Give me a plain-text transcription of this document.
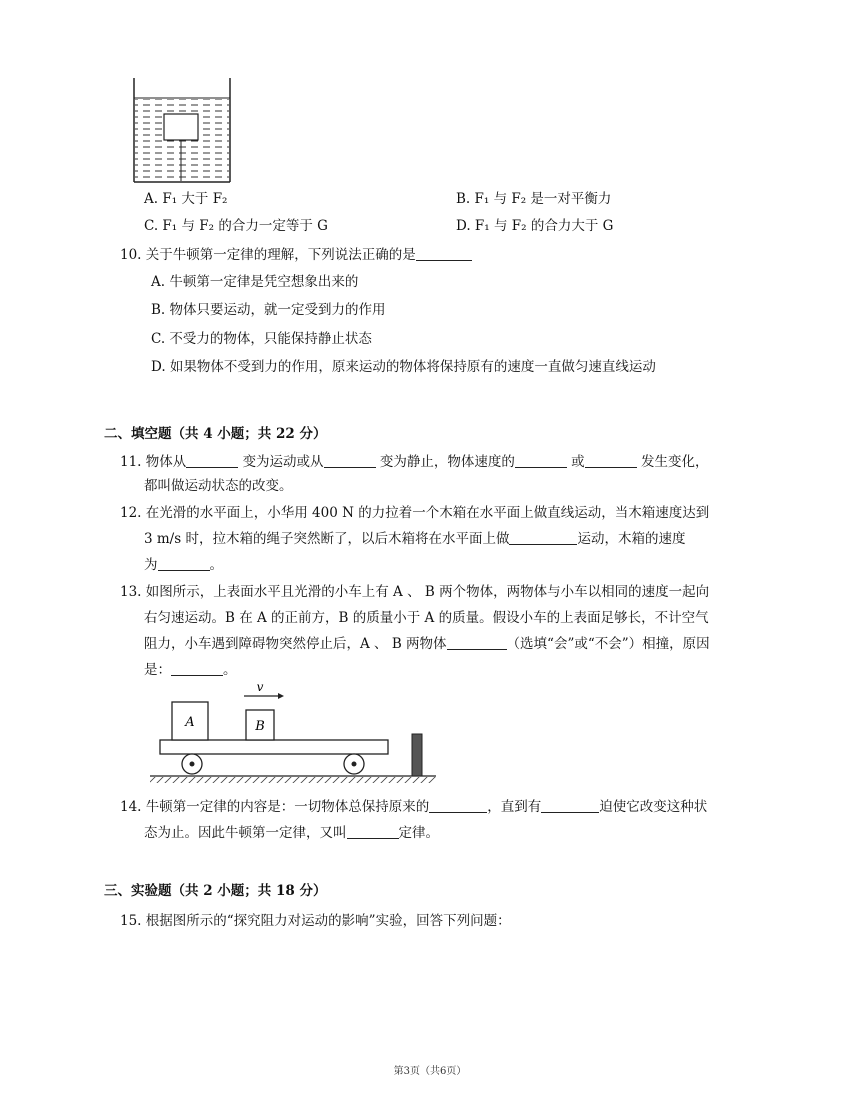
A. F₁ 大于 F₂	B. F₁ 与 F₂ 是一对平衡力
C. F₁ 与 F₂ 的合力一定等于 G	D. F₁ 与 F₂ 的合力大于 G
10. 关于牛顿第一定律的理解，下列说法正确的是
A. 牛顿第一定律是凭空想象出来的
B. 物体只要运动，就一定受到力的作用
C. 不受力的物体，只能保持静止状态
D. 如果物体不受到力的作用，原来运动的物体将保持原有的速度一直做匀速直线运动
二、填空题（共 4 小题；共 22 分）
11. 物体从	变为运动或从	变为静止，物体速度的	或	发生变化，
都叫做运动状态的改变。
12. 在光滑的水平面上，小华用 400 N 的力拉着一个木箱在水平面上做直线运动，当木箱速度达到
3 m/s 时，拉木箱的绳子突然断了，以后木箱将在水平面上做	运动，木箱的速度
为	。
13. 如图所示，上表面水平且光滑的小车上有 A 、 B 两个物体，两物体与小车以相同的速度一起向
右匀速运动。B 在 A 的正前方，B 的质量小于 A 的质量。假设小车的上表面足够长，不计空气
阻力，小车遇到障碍物突然停止后，A 、 B 两物体	（选填“会”或“不会”）相撞，原因
是：	。
A	B
v
14. 牛顿第一定律的内容是：一切物体总保持原来的	，直到有	迫使它改变这种状
态为止。因此牛顿第一定律，又叫	定律。
三、实验题（共 2 小题；共 18 分）
15. 根据图所示的“探究阻力对运动的影响”实验，回答下列问题：
第3页（共6页）
